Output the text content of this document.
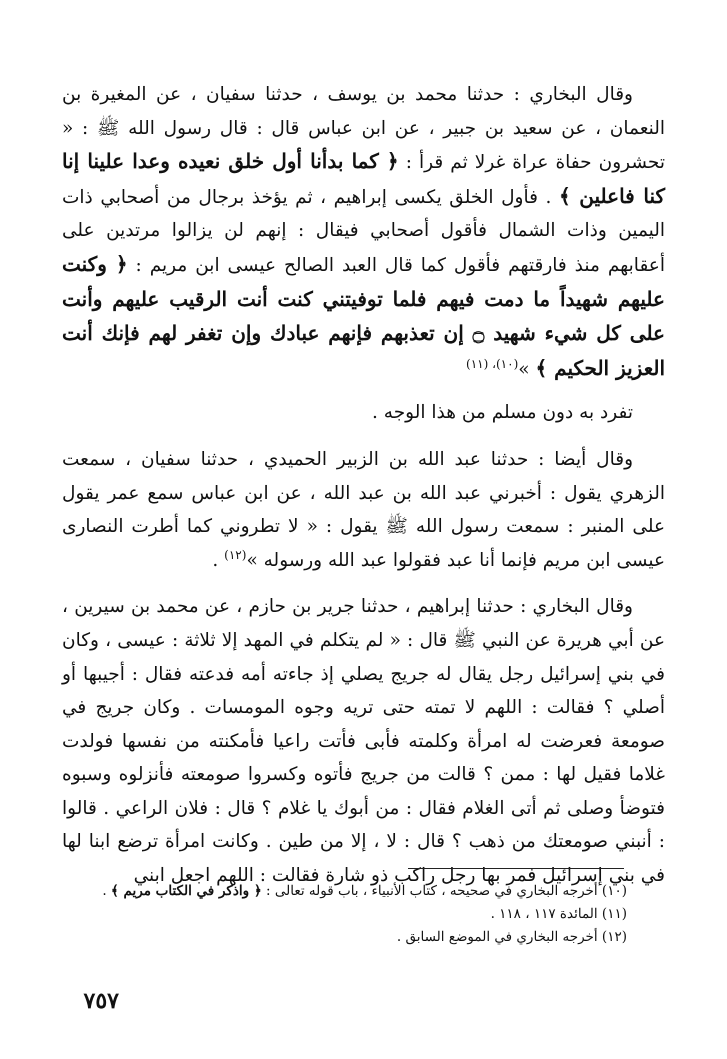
وقال البخاري : حدثنا محمد بن يوسف ، حدثنا سفيان ، عن المغيرة بن النعمان ، عن سعيد بن جبير ، عن ابن عباس قال : قال رسول الله ﷺ : « تحشرون حفاة عراة غرلا ثم قرأ : ﴿ كما بدأنا أول خلق نعيده وعدا علينا إنا كنا فاعلين ﴾ . فأول الخلق يكسى إبراهيم ، ثم يؤخذ برجال من أصحابي ذات اليمين وذات الشمال فأقول أصحابي فيقال : إنهم لن يزالوا مرتدين على أعقابهم منذ فارقتهم فأقول كما قال العبد الصالح عيسى ابن مريم : ﴿ وكنت عليهم شهيداً ما دمت فيهم فلما توفيتني كنت أنت الرقيب عليهم وأنت على كل شيء شهيد ۝ إن تعذبهم فإنهم عبادك وإن تغفر لهم فإنك أنت العزيز الحكيم ﴾ »$^{(١٠)، (١١)}$

تفرد به دون مسلم من هذا الوجه .

وقال أيضا : حدثنا عبد الله بن الزبير الحميدي ، حدثنا سفيان ، سمعت الزهري يقول : أخبرني عبد الله بن عبد الله ، عن ابن عباس سمع عمر يقول على المنبر : سمعت رسول الله ﷺ يقول : « لا تطروني كما أطرت النصارى عيسى ابن مريم فإنما أنا عبد فقولوا عبد الله ورسوله »$^{(١٢)}$ .

وقال البخاري : حدثنا إبراهيم ، حدثنا جرير بن حازم ، عن محمد بن سيرين ، عن أبي هريرة عن النبي ﷺ قال : « لم يتكلم في المهد إلا ثلاثة : عيسى ، وكان في بني إسرائيل رجل يقال له جريج يصلي إذ جاءته أمه فدعته فقال : أجيبها أو أصلي ؟ فقالت : اللهم لا تمته حتى تريه وجوه المومسات . وكان جريج في صومعة فعرضت له امرأة وكلمته فأبى فأتت راعيا فأمكنته من نفسها فولدت غلاما فقيل لها : ممن ؟ قالت من جريج فأتوه وكسروا صومعته فأنزلوه وسبوه فتوضأ وصلى ثم أتى الغلام فقال : من أبوك يا غلام ؟ قال : فلان الراعي . قالوا : أنبني صومعتك من ذهب ؟ قال : لا ، إلا من طين . وكانت امرأة ترضع ابنا لها في بني إسرائيل فمر بها رجل راكب ذو شارة فقالت : اللهم اجعل ابني

(١٠) أخرجه البخاري في صحيحه ، كتاب الأنبياء ، باب قوله تعالى : ﴿ واذكر في الكتاب مريم ﴾ .

(١١) المائدة ١١٧ ، ١١٨ .

(١٢) أخرجه البخاري في الموضع السابق .

٧٥٧
